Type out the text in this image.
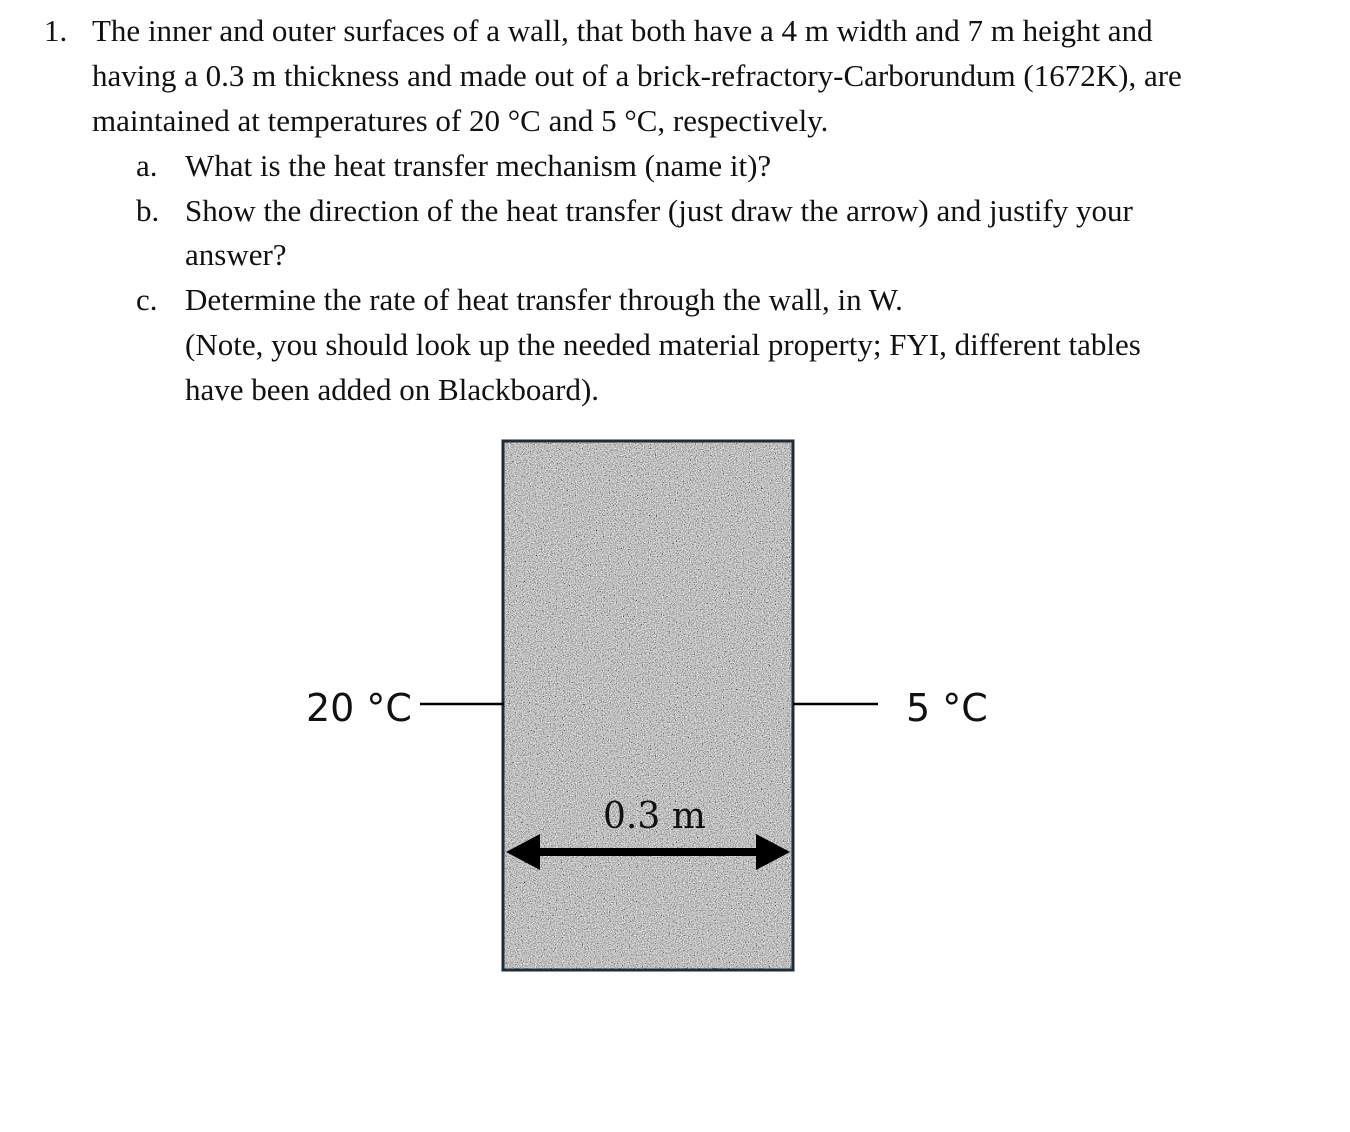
1. The inner and outer surfaces of a wall, that both have a 4 m width and 7 m height and
having a 0.3 m thickness and made out of a brick-refractory-Carborundum (1672K), are
maintained at temperatures of 20 °C and 5 °C, respectively.
a. What is the heat transfer mechanism (name it)?
b. Show the direction of the heat transfer (just draw the arrow) and justify your
answer?
c. Determine the rate of heat transfer through the wall, in W.
(Note, you should look up the needed material property; FYI, different tables
have been added on Blackboard).
20 °C	5 °C
0.3 m
